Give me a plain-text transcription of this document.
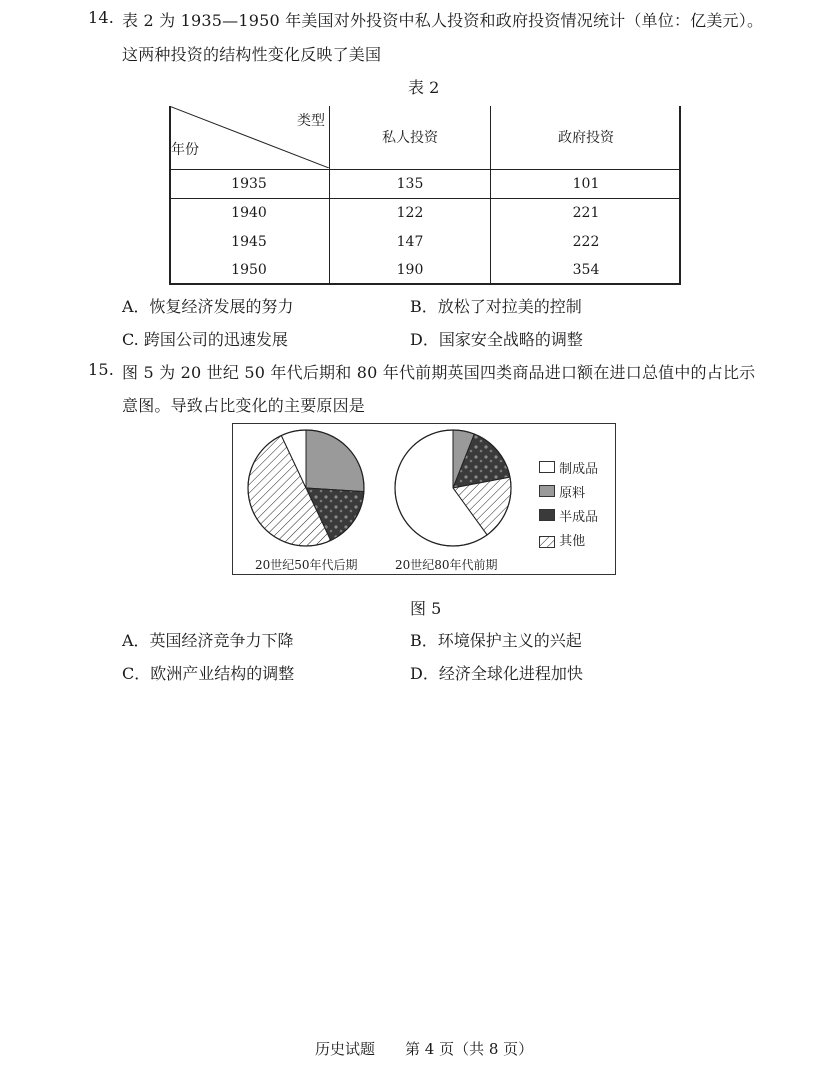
14. 表 2 为 1935—1950 年美国对外投资中私人投资和政府投资情况统计（单位：亿美元）。
这两种投资的结构性变化反映了美国
表 2
类型
年份	私人投资	政府投资
1935	135	101
1940	122	221
1945	147	222
1950	190	354
A．恢复经济发展的努力	B．放松了对拉美的控制
C. 跨国公司的迅速发展	D．国家安全战略的调整
15. 图 5 为 20 世纪 50 年代后期和 80 年代前期英国四类商品进口额在进口总值中的占比示
意图。导致占比变化的主要原因是
20世纪50年代后期	20世纪80年代前期
制成品
原料
半成品
其他
图 5
A．英国经济竞争力下降	B．环境保护主义的兴起
C．欧洲产业结构的调整	D．经济全球化进程加快
历史试题 第 4 页（共 8 页）
